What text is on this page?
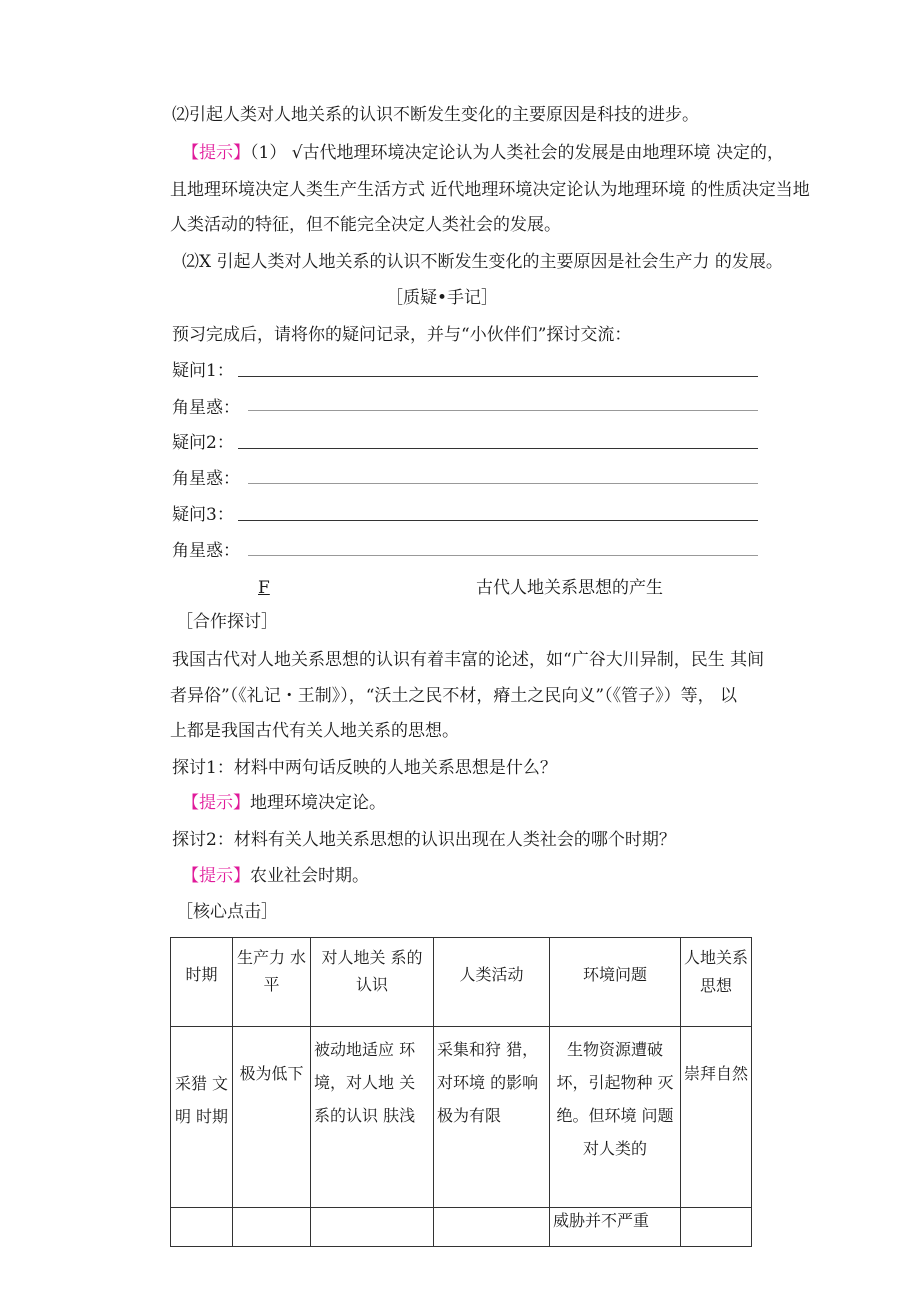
⑵引起人类对人地关系的认识不断发生变化的主要原因是科技的进步。
【提示】（1） √古代地理环境决定论认为人类社会的发展是由地理环境 决定的，
且地理环境决定人类生产生活方式 近代地理环境决定论认为地理环境 的性质决定当地
人类活动的特征，但不能完全决定人类社会的发展。
⑵X 引起人类对人地关系的认识不断发生变化的主要原因是社会生产力 的发展。
［质疑•手记］
预习完成后，请将你的疑问记录，并与“小伙伴们”探讨交流：
疑问1：
角星惑：
疑问2：
角星惑：
疑问3：
角星惑：
F	古代人地关系思想的产生
［合作探讨］
我国古代对人地关系思想的认识有着丰富的论述，如“广谷大川异制，民生 其间
者异俗”（《礼记・王制》），“沃土之民不材，瘠土之民向义”（《管子》）等， 以
上都是我国古代有关人地关系的思想。
探讨1：材料中两句话反映的人地关系思想是什么？
【提示】地理环境决定论。
探讨2：材料有关人地关系思想的认识出现在人类社会的哪个时期？
【提示】农业社会时期。
［核心点击］
时期	生产力 水平	对人地关 系的认识	人类活动	环境问题	人地关系思想
采猎 文明 时期	极为低下	被动地适应 环境，对人地 关系的认识 肤浅	采集和狩 猎，对环境 的影响极为有限	生物资源遭破坏，引起物种 灭绝。但环境 问题对人类的	崇拜自然
				威胁并不严重	
